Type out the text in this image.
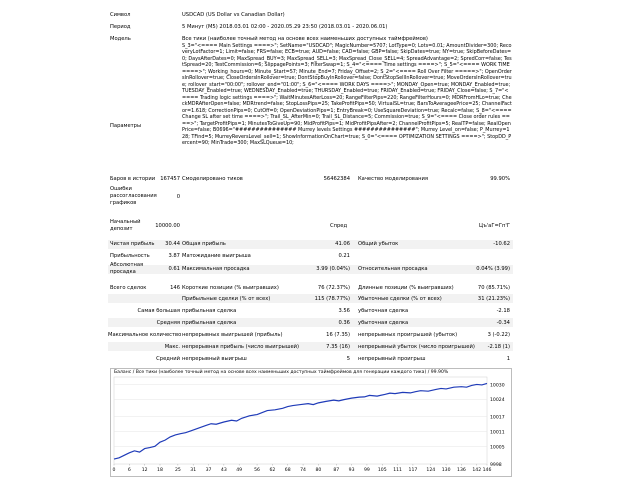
Символ	USDCAD (US Dollar vs Canadian Dollar)
Период	5 Минут (M5) 2018.03.01 02:00 - 2020.05.29 23:50 (2018.03.01 - 2020.06.01)
Модель	Все тики (наиболее точный метод на основе всех наименьших доступных таймфреймов)
Параметры
S_3="<==== Main Settings ====>"; SetName="USDCAD"; MagicNumber=5707; LotType=0; Lots=0.01; AmountDivider=300; RecoveryLotFactor=1; Limit=false; FRS=false; ECB=true; AUD=false; CAD=false; GBP=false; SkipDates=true; NY=true; SkipBeforeDates=0; DaysAfterDates=0; MaxSpread_BUY=3; MaxSpread_SELL=3; MaxSpread_Close_SELL=4; SpreadAdvantage=2; SpredCorr=false; TestSpread=20; TestCommission=6; SlippagePoints=3; FilterSwap=1; S_4="<==== Time settings ====>"; S_5="<==== WORK TIME ====>"; Working_hours=0; Minute_Start=57; Minute_End=7; Friday_Offset=2; S_2="<==== Roll Over Filter =====>"; OpenOrdersInRollover=true; CloseOrdersInRollover=true; DontStopBuyInRollover=false; DontStopSellInRollover=true; MoveOrdersInRollover=true; rollover_start="00:00"; rollover_end="01:00"; S_6="<==== WORK DAYS ====>"; MONDAY_Open=true; MONDAY_Enabled=true; TUESDAY_Enabled=true; WEDNESDAY_Enabled=true; THURSDAY_Enabled=true; FRIDAY_Enabled=true; FRIDAY_Close=false; S_7="<==== Trading logic settings ====>"; WaitMinutesAfterLoss=20; RangeFilterPips=220; RangeFilterHours=0; MDRFromHLo=true; CheckMDRAfterOpen=false; MDRtrend=false; StopLossPips=25; TakeProfitPips=50; VirtualSL=true; BarsToAverageePrice=25; ChannelFactor=1.618; CorrectionPips=0; CutOff=0; OpenDeviationPips=1; EntryBreak=0; UseSquareDeviation=true; Recalc=false; S_8="<==== Change SL after set time ====>"; Trail_SL_AfterMin=0; Trail_SL_Distance=5; Commission=true; S_9="<==== Close order rules ====>"; TargetProfitPips=1; MinutesToGiveUp=90; MidProfitPips=1; MidProfitPipsAfter=2; ChannelProfitPips=5; RealTP=false; RealOpenPrice=false; B0696="############### Murrey levels Settings ###############"; Murrey Level_on=false; P_Murrey=128; TFind=5; MurreyReversLevel_sell=1; ShowInformationOnChart=true; S_0="<==== OPTIMIZATION SETTINGS ====>"; StopDD_Percent=90; MinTrade=300; MaxSLQueue=10;
Баров в истории 167457 Смоделировано тиков	56462384 Качество моделирования	99.90%
Ошибки рассогласования графиков
0
Начальный депозит	10000.00	Спред	Цъ'аГ=Гп'Г
Чистая прибыль	30.44 Общая прибыль	41.06 Общий убыток	-10.62
Прибыльность	3.87 Матожидание выигрыша	0.21
Абсолютная просадка	0.61 Максимальная просадка	3.99 (0.04%) Относительная просадка	0.04% (3.99)
Всего сделок	146 Короткие позиции (% выигравших)	76 (72.37%) Длинные позиции (% выигравших)	70 (85.71%)
Прибыльные сделки (% от всех)	115 (78.77%) Убыточные сделки (% от всех)	31 (21.23%)
Самая большая прибыльная сделка	3.56 убыточная сделка	-2.18
Средняя прибыльная сделка	0.36 убыточная сделка	-0.34
Максимальное количество непрерывных выигрышей (прибыль)	16 (7.35) непрерывных проигрышей (убыток)	3 (-0.22)
Макс. непрерывная прибыль (число выигрышей)	7.35 (16) непрерывный убыток (число проигрышей)	-2.18 (1)
Средний непрерывный выигрыш	5 непрерывный проигрыш	1
Баланс / Все тики (наиболее точный метод на основе всех наименьших доступных таймфреймов для генерации каждого тика) / 99.90%
10030
10024
10017
10011
10005
9998
0	6 12 18	25 31 37 43 49	56 62 68 74 80	87 93 99 105 111 117 124 130 136 142 146
